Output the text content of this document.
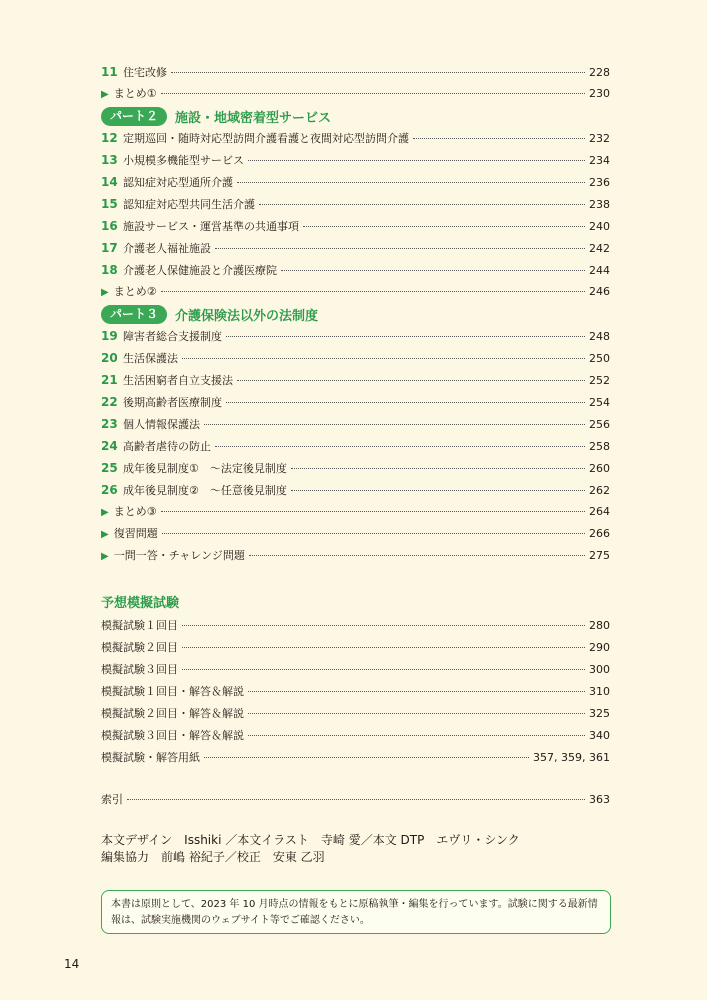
11 住宅改修	228
▶ まとめ①	230
パート２	施設・地域密着型サービス
12 定期巡回・随時対応型訪問介護看護と夜間対応型訪問介護	232
13 小規模多機能型サービス	234
14 認知症対応型通所介護	236
15 認知症対応型共同生活介護	238
16 施設サービス・運営基準の共通事項	240
17 介護老人福祉施設	242
18 介護老人保健施設と介護医療院	244
▶ まとめ②	246
パート３	介護保険法以外の法制度
19 障害者総合支援制度	248
20 生活保護法	250
21 生活困窮者自立支援法	252
22 後期高齢者医療制度	254
23 個人情報保護法	256
24 高齢者虐待の防止	258
25 成年後見制度①　～法定後見制度	260
26 成年後見制度②　～任意後見制度	262
▶ まとめ③	264
▶ 復習問題	266
▶ 一問一答・チャレンジ問題	275
予想模擬試験
模擬試験１回目	280
模擬試験２回目	290
模擬試験３回目	300
模擬試験１回目・解答＆解説	310
模擬試験２回目・解答＆解説	325
模擬試験３回目・解答＆解説	340
模擬試験・解答用紙	357, 359, 361
索引	363
本文デザイン　Isshiki ／本文イラスト　寺崎 愛／本文 DTP　エヴリ・シンク
編集協力　前嶋 裕紀子／校正　安東 乙羽
本書は原則として、2023 年 10 月時点の情報をもとに原稿執筆・編集を行っています。試験に関する最新情報は、試験実施機関のウェブサイト等でご確認ください。
14
